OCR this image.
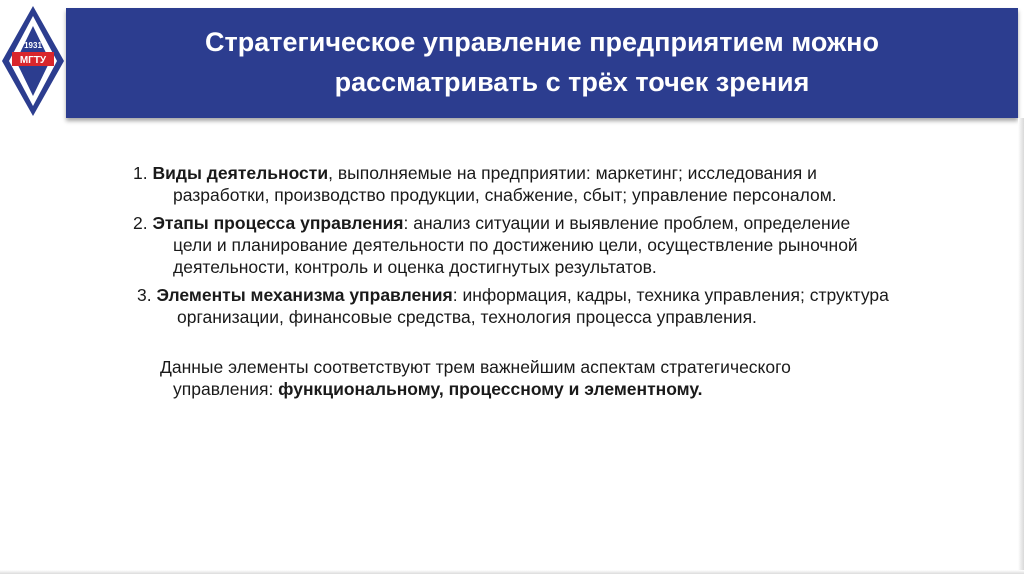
МГТУ
1931	Стратегическое управление предприятием можно
рассматривать с трёх точек зрения

1. Виды деятельности, выполняемые на предприятии: маркетинг; исследования и разработки, производство продукции, снабжение, сбыт; управление персоналом.

2. Этапы процесса управления: анализ ситуации и выявление проблем, определение цели и планирование деятельности по достижению цели, осуществление рыночной деятельности, контроль и оценка достигнутых результатов.

3. Элементы механизма управления: информация, кадры, техника управления; структура организации, финансовые средства, технология процесса управления.

Данные элементы соответствуют трем важнейшим аспектам стратегического управления: функциональному, процессному и элементному.
